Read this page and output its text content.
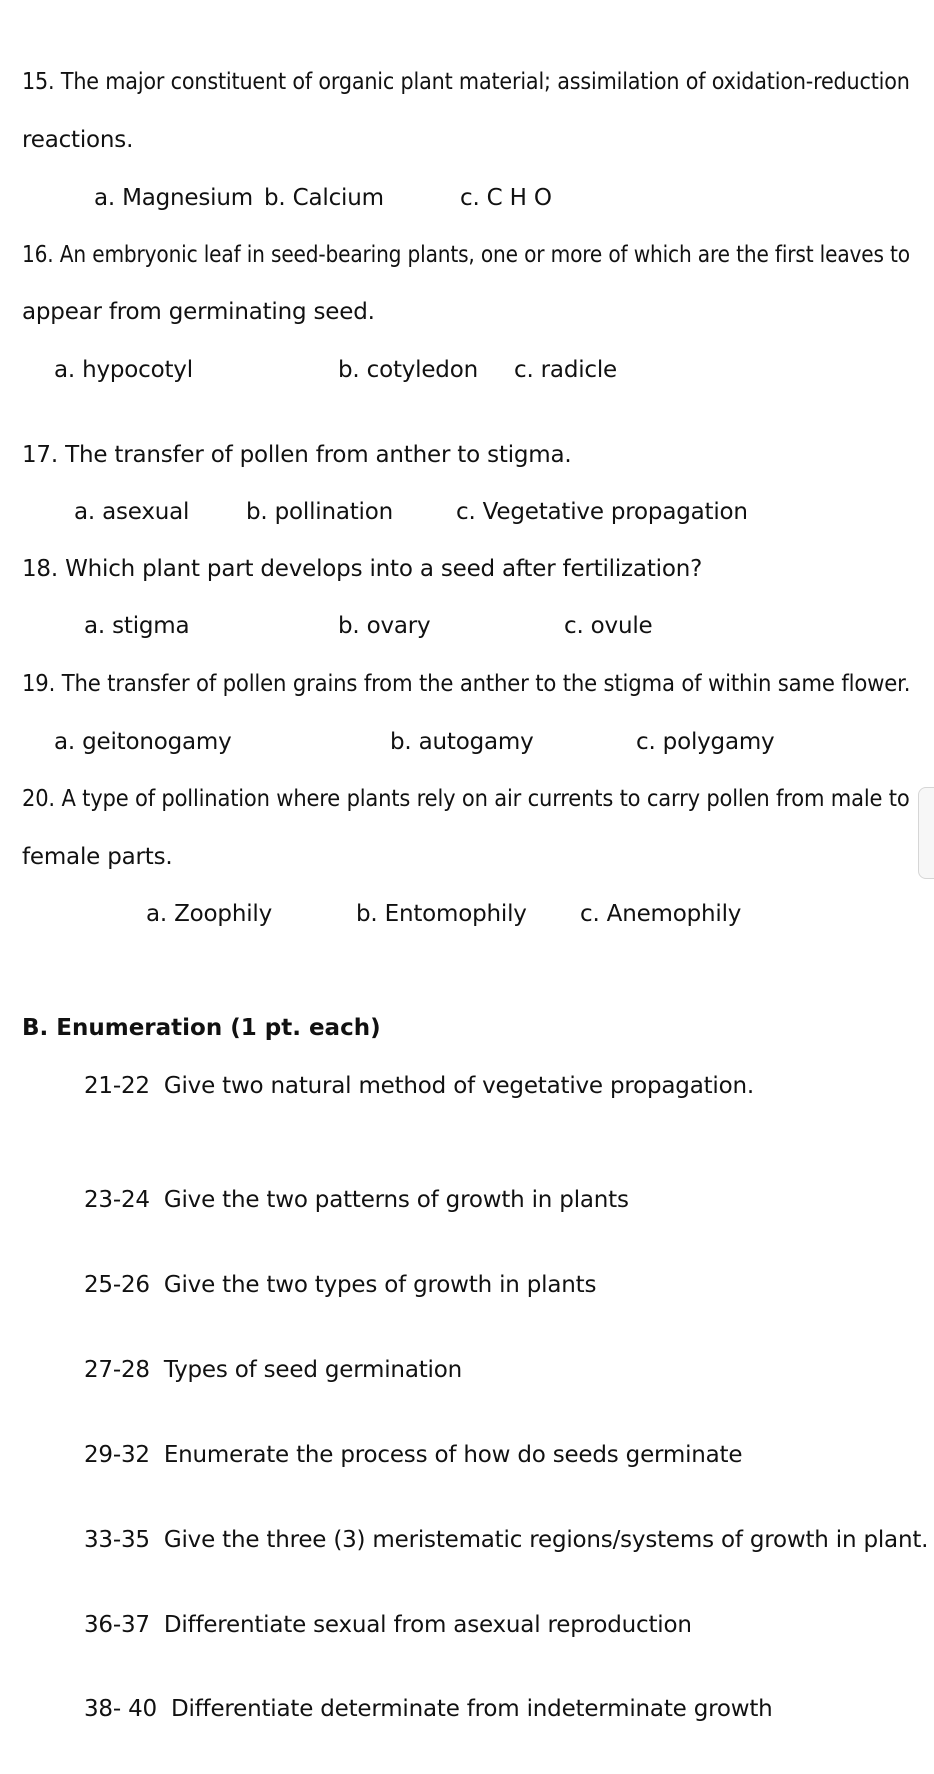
15. The major constituent of organic plant material; assimilation of oxidation-reduction
reactions.
a. Magnesium b. Calcium	c. C H O
16. An embryonic leaf in seed-bearing plants, one or more of which are the first leaves to
appear from germinating seed.
a. hypocotyl	b. cotyledon c. radicle
17. The transfer of pollen from anther to stigma.
a. asexual b. pollination	c. Vegetative propagation
18. Which plant part develops into a seed after fertilization?
a. stigma	b. ovary	c. ovule
19. The transfer of pollen grains from the anther to the stigma of within same flower.
a. geitonogamy	b. autogamy	c. polygamy
20. A type of pollination where plants rely on air currents to carry pollen from male to
female parts.
a. Zoophily	b. Entomophily c. Anemophily
B. Enumeration (1 pt. each)
21-22 Give two natural method of vegetative propagation.
23-24 Give the two patterns of growth in plants
25-26 Give the two types of growth in plants
27-28 Types of seed germination
29-32 Enumerate the process of how do seeds germinate
33-35 Give the three (3) meristematic regions/systems of growth in plant.
36-37 Differentiate sexual from asexual reproduction
38- 40 Differentiate determinate from indeterminate growth
